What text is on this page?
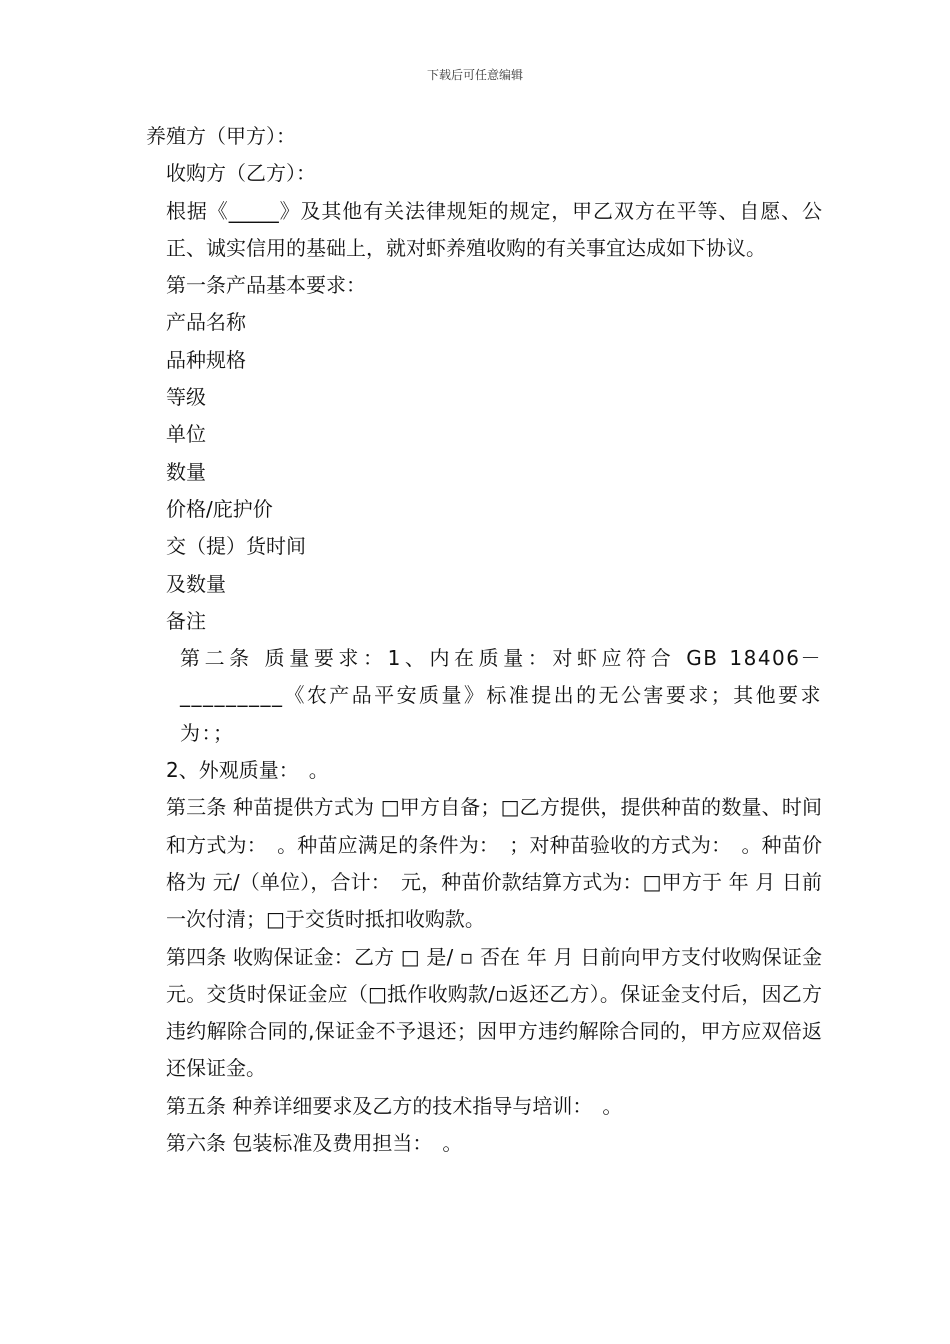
下载后可任意编辑

养殖方（甲方）：

收购方（乙方）：

根据《_____》及其他有关法律规矩的规定，甲乙双方在平等、自愿、公正、诚实信用的基础上，就对虾养殖收购的有关事宜达成如下协议。

第一条产品基本要求：

产品名称

品种规格

等级

单位

数量

价格/庇护价

交（提）货时间

及数量

备注

第二条 质量要求：1、内在质量：对虾应符合 GB 18406－_________《农产品平安质量》标准提出的无公害要求；其他要求为：；

2、外观质量：　。

第三条 种苗提供方式为 □甲方自备；□乙方提供，提供种苗的数量、时间和方式为：　。种苗应满足的条件为：　；对种苗验收的方式为：　。种苗价格为 元/（单位），合计：　元，种苗价款结算方式为：□甲方于 年 月 日前一次付清；□于交货时抵扣收购款。

第四条 收购保证金：乙方 □ 是/ ▫ 否在 年 月 日前向甲方支付收购保证金 元。交货时保证金应（□抵作收购款/▫返还乙方）。保证金支付后，因乙方违约解除合同的,保证金不予退还；因甲方违约解除合同的，甲方应双倍返还保证金。

第五条 种养详细要求及乙方的技术指导与培训：　。

第六条 包装标准及费用担当：　。
